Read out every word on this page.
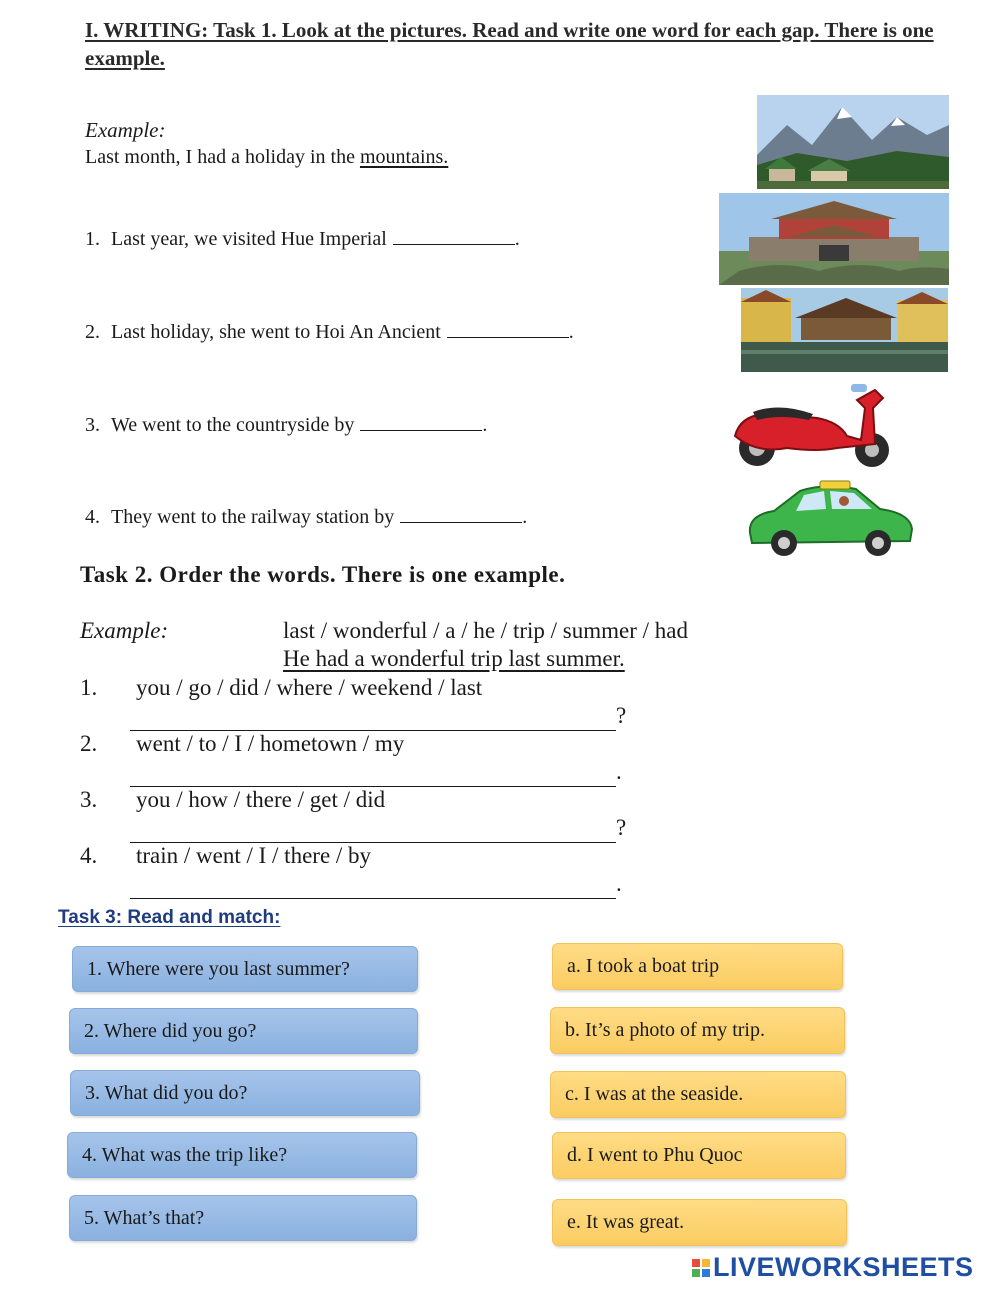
I. WRITING: Task 1. Look at the pictures. Read and write one word for each gap. There is one example.
Example:
Last month, I had a holiday in the mountains.
1. Last year, we visited Hue Imperial	.
2. Last holiday, she went to Hoi An Ancient	.
3. We went to the countryside by	.
4. They went to the railway station by	.
Task 2. Order the words. There is one example.
Example:	last / wonderful / a / he / trip / summer / had
He had a wonderful trip last summer.
1. you / go / did / where / weekend / last
?
2. went / to / I / hometown / my
.
3. you / how / there / get / did
?
4. train / went / I / there / by
.
Task 3: Read and match:
1. Where were you last summer?
2. Where did you go?
3. What did you do?
4. What was the trip like?
5. What’s that?
a. I took a boat trip
b. It’s a photo of my trip.
c. I was at the seaside.
d. I went to Phu Quoc
e. It was great.
LIVEWORKSHEETS
